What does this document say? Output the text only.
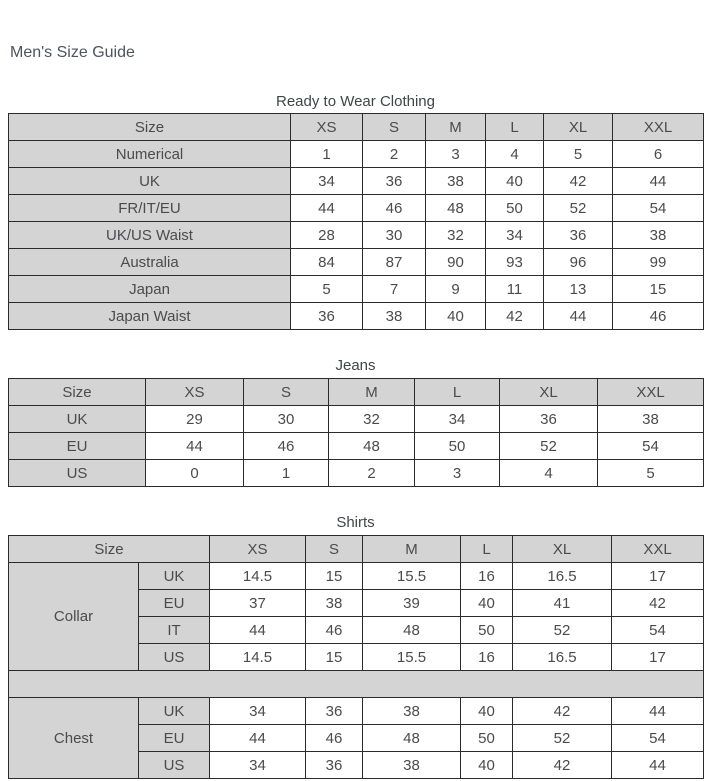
Men's Size Guide
Ready to Wear Clothing
Size	XS	S	M	L	XL	XXL
Numerical	1	2	3	4	5	6
UK	34	36	38	40	42	44
FR/IT/EU	44	46	48	50	52	54
UK/US Waist	28	30	32	34	36	38
Australia	84	87	90	93	96	99
Japan	5	7	9	11	13	15
Japan Waist	36	38	40	42	44	46
Jeans
Size	XS	S	M	L	XL	XXL
UK	29	30	32	34	36	38
EU	44	46	48	50	52	54
US	0	1	2	3	4	5
Shirts
Size		XS	S	M	L	XL	XXL
Collar	UK	14.5	15	15.5	16	16.5	17
	EU	37	38	39	40	41	42
	IT	44	46	48	50	52	54
	US	14.5	15	15.5	16	16.5	17

Chest	UK	34	36	38	40	42	44
	EU	44	46	48	50	52	54
	US	34	36	38	40	42	44
